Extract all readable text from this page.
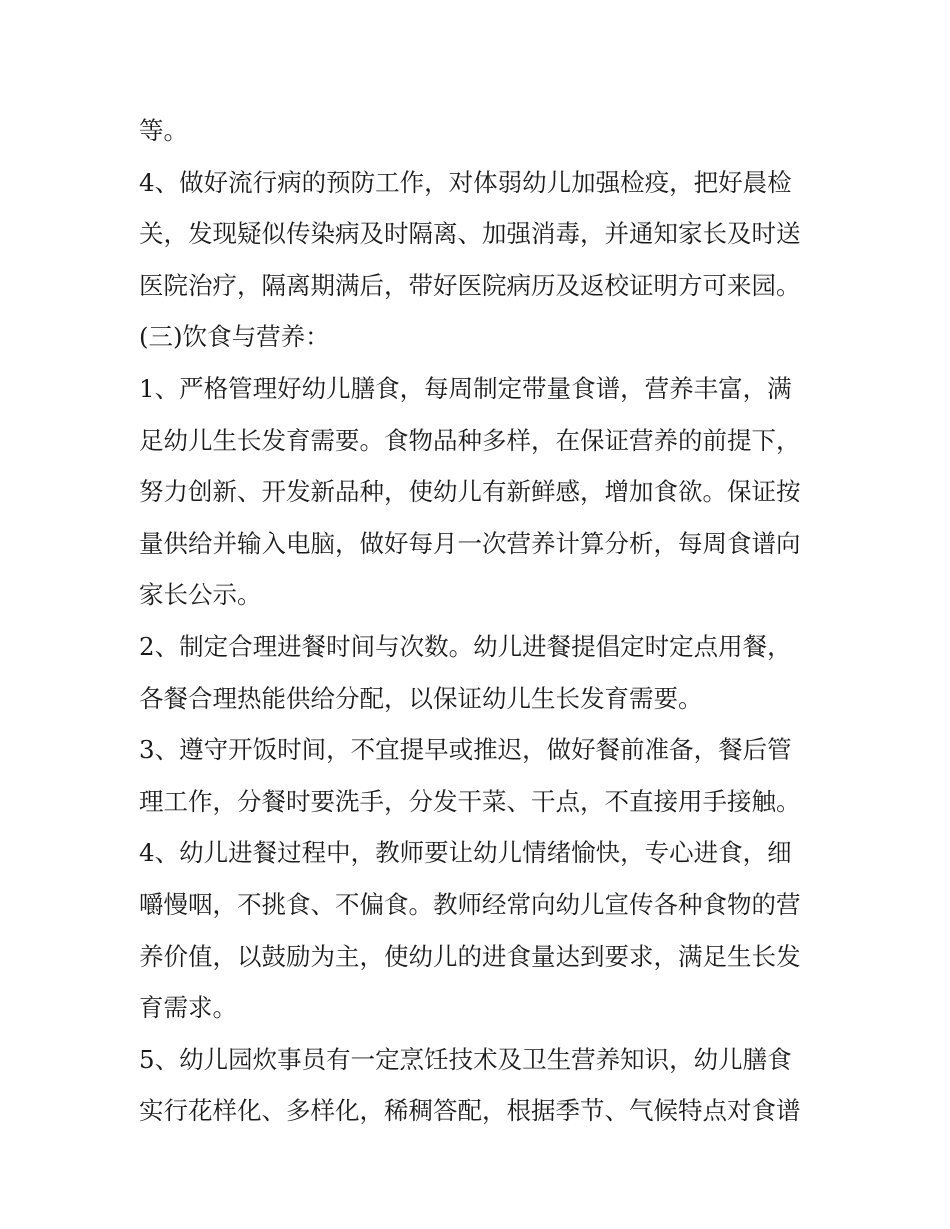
等。
4、做好流行病的预防工作，对体弱幼儿加强检疫，把好晨检
关，发现疑似传染病及时隔离、加强消毒，并通知家长及时送
医院治疗，隔离期满后，带好医院病历及返校证明方可来园。
(三)饮食与营养：
1、严格管理好幼儿膳食，每周制定带量食谱，营养丰富，满
足幼儿生长发育需要。食物品种多样，在保证营养的前提下，
努力创新、开发新品种，使幼儿有新鲜感，增加食欲。保证按
量供给并输入电脑，做好每月一次营养计算分析，每周食谱向
家长公示。
2、制定合理进餐时间与次数。幼儿进餐提倡定时定点用餐，
各餐合理热能供给分配，以保证幼儿生长发育需要。
3、遵守开饭时间，不宜提早或推迟，做好餐前准备，餐后管
理工作，分餐时要洗手，分发干菜、干点，不直接用手接触。
4、幼儿进餐过程中，教师要让幼儿情绪愉快，专心进食，细
嚼慢咽，不挑食、不偏食。教师经常向幼儿宣传各种食物的营
养价值，以鼓励为主，使幼儿的进食量达到要求，满足生长发
育需求。
5、幼儿园炊事员有一定烹饪技术及卫生营养知识，幼儿膳食
实行花样化、多样化，稀稠答配，根据季节、气候特点对食谱
